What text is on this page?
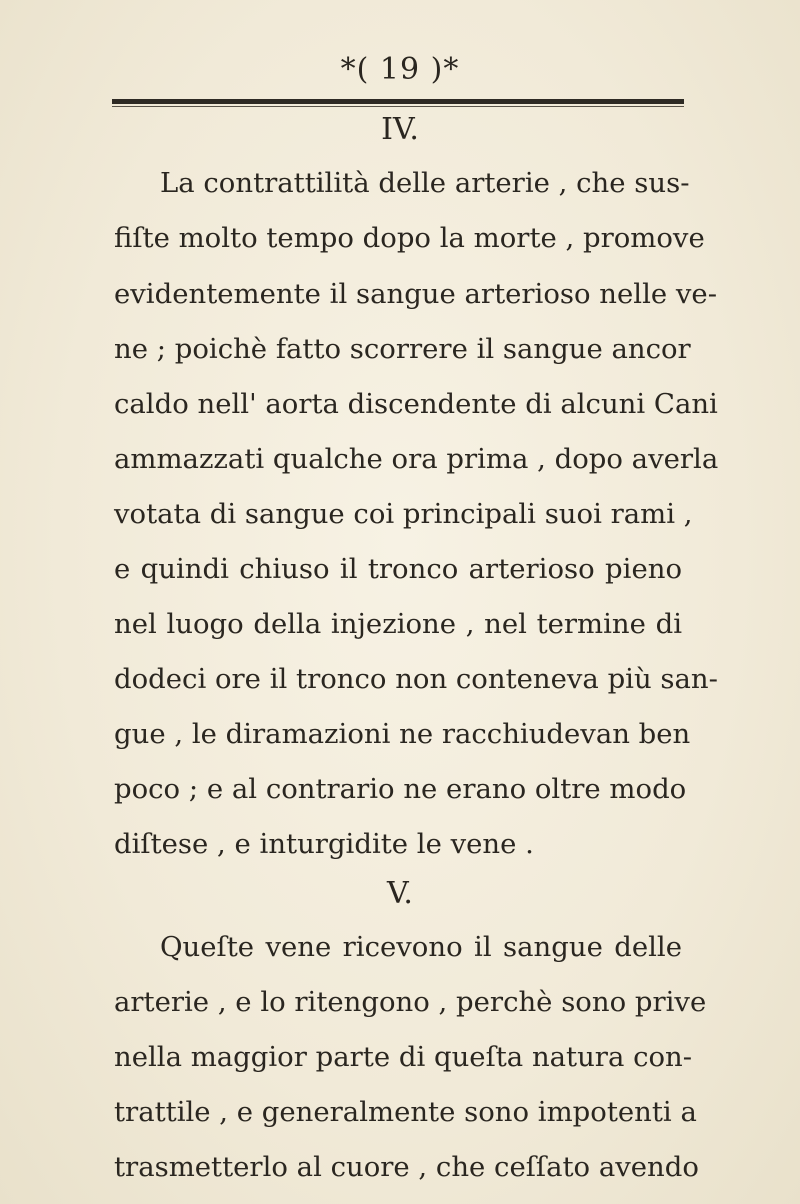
*( 19 )*
IV.
La contrattilità delle arterie , che sus-
fiſte molto tempo dopo la morte , promove
evidentemente il sangue arterioso nelle ve-
ne ; poichè fatto scorrere il sangue ancor
caldo nell' aorta discendente di alcuni Cani
ammazzati qualche ora prima , dopo averla
votata di sangue coi principali suoi rami ,
e quindi chiuso il tronco arterioso pieno
nel luogo della injezione , nel termine di
dodeci ore il tronco non conteneva più san-
gue , le diramazioni ne racchiudevan ben
poco ; e al contrario ne erano oltre modo
diſtese , e inturgidite le vene .
V.
Queſte vene ricevono il sangue delle
arterie , e lo ritengono , perchè sono prive
nella maggior parte di queſta natura con-
trattile , e generalmente sono impotenti a
trasmetterlo al cuore , che ceſſato avendo
